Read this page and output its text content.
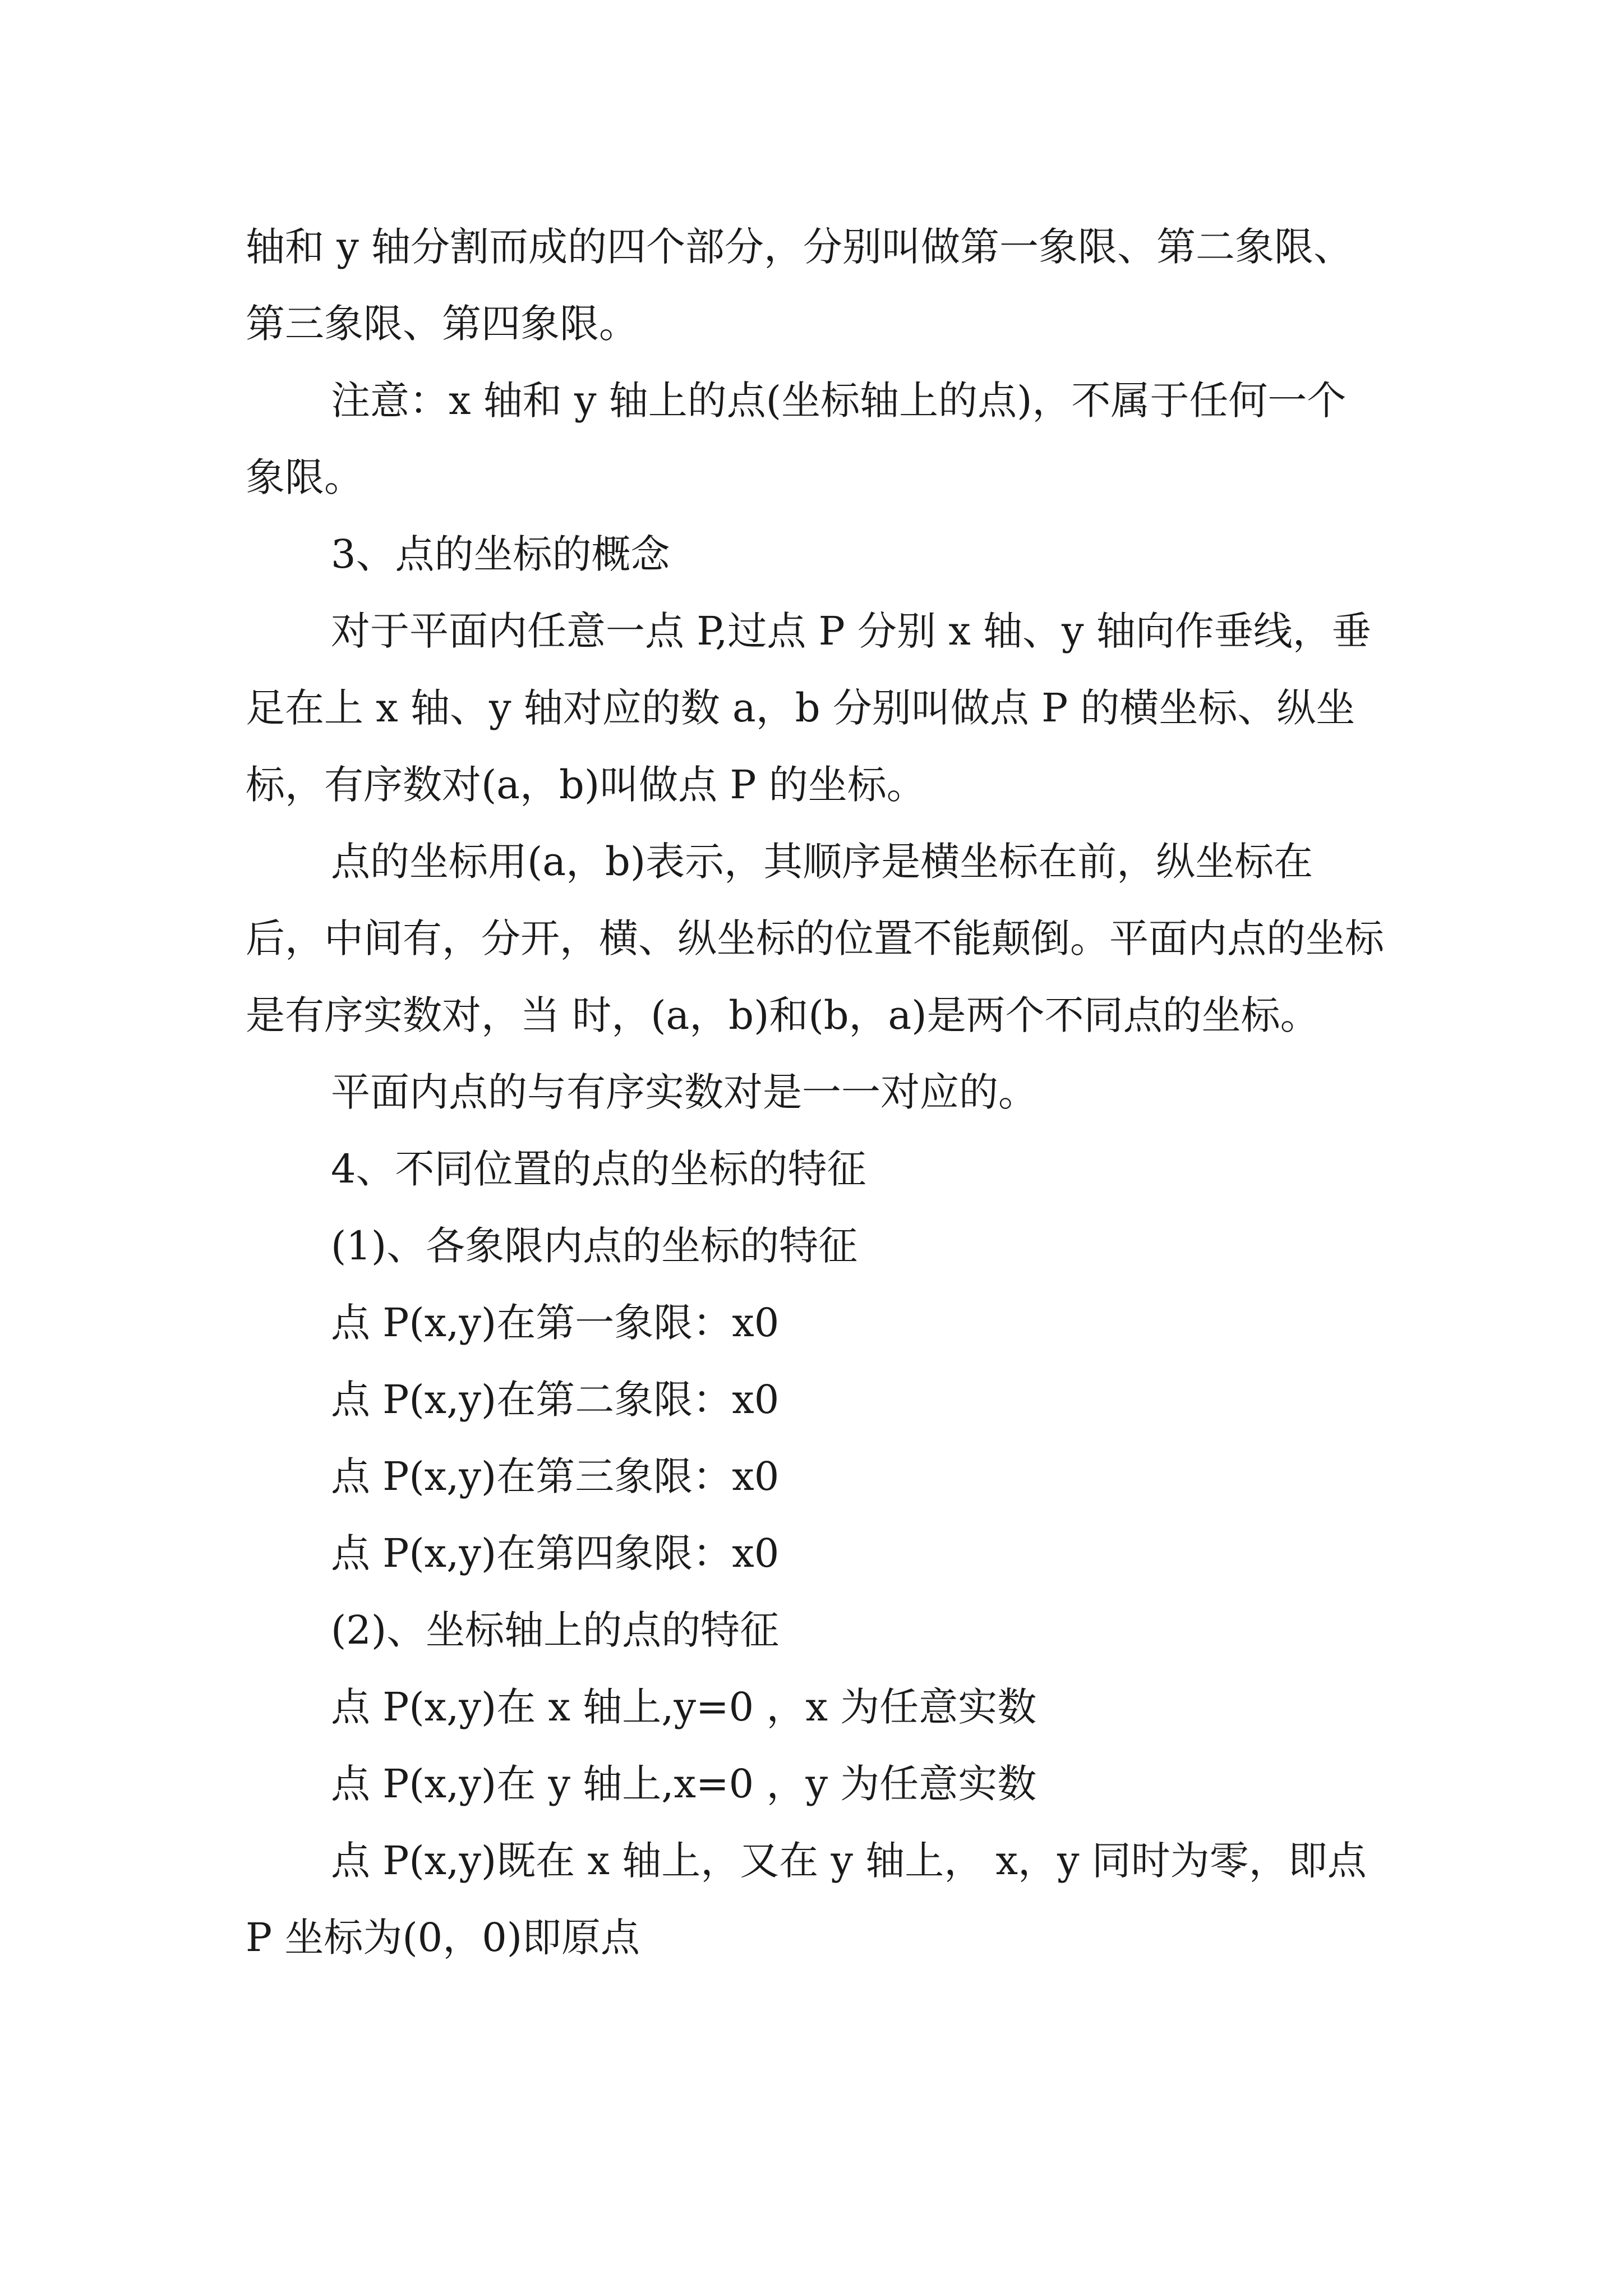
轴和 y 轴分割而成的四个部分，分别叫做第一象限、第二象限、第三象限、第四象限。

注意：x 轴和 y 轴上的点(坐标轴上的点)，不属于任何一个象限。

3、点的坐标的概念

对于平面内任意一点 P,过点 P 分别 x 轴、y 轴向作垂线，垂足在上 x 轴、y 轴对应的数 a，b 分别叫做点 P 的横坐标、纵坐标，有序数对(a，b)叫做点 P 的坐标。

点的坐标用(a，b)表示，其顺序是横坐标在前，纵坐标在后，中间有，分开，横、纵坐标的位置不能颠倒。平面内点的坐标是有序实数对，当 时，(a，b)和(b，a)是两个不同点的坐标。

平面内点的与有序实数对是一一对应的。

4、不同位置的点的坐标的特征

(1)、各象限内点的坐标的特征

点 P(x,y)在第一象限：x0

点 P(x,y)在第二象限：x0

点 P(x,y)在第三象限：x0

点 P(x,y)在第四象限：x0

(2)、坐标轴上的点的特征

点 P(x,y)在 x 轴上,y=0 ，x 为任意实数

点 P(x,y)在 y 轴上,x=0 ，y 为任意实数

点 P(x,y)既在 x 轴上，又在 y 轴上， x，y 同时为零，即点 P 坐标为(0，0)即原点
